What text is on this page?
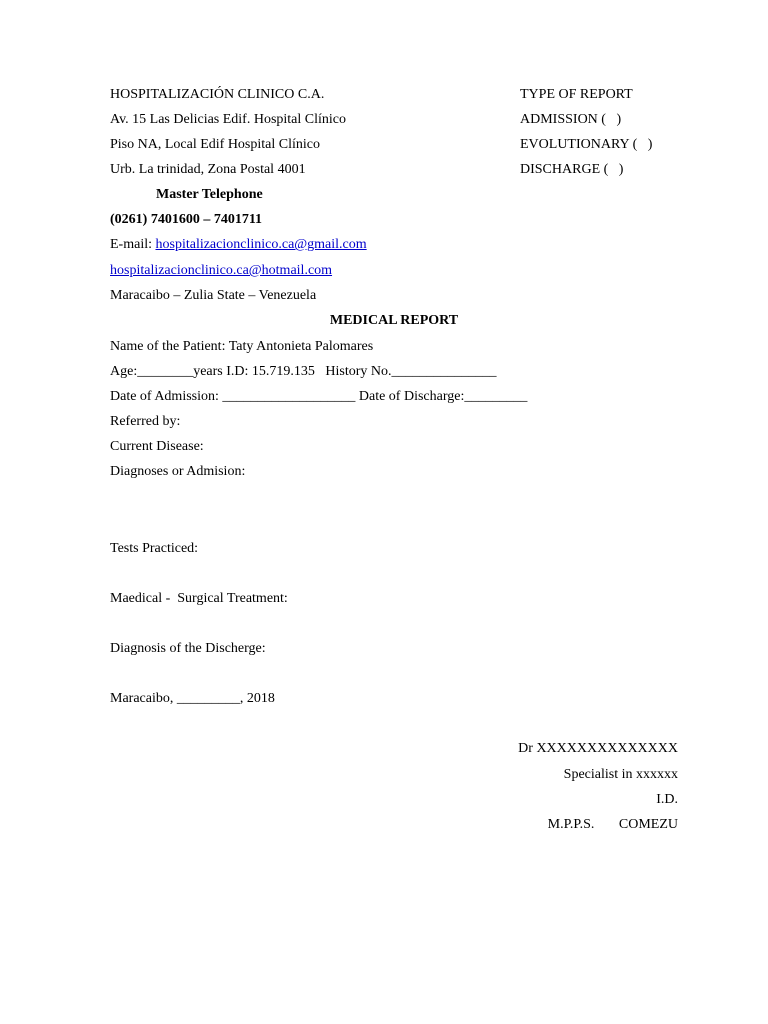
HOSPITALIZACIÓN CLINICO C.A.
Av. 15 Las Delicias Edif. Hospital Clínico
Piso NA, Local Edif Hospital Clínico
Urb. La trinidad, Zona Postal 4001
Master Telephone
(0261) 7401600 – 7401711
E-mail: hospitalizacionclinico.ca@gmail.com
hospitalizacionclinico.ca@hotmail.com
Maracaibo – Zulia State – Venezuela
TYPE OF REPORT
ADMISSION (   )
EVOLUTIONARY (   )
DISCHARGE (   )
MEDICAL REPORT
Name of the Patient: Taty Antonieta Palomares
Age:________years I.D: 15.719.135   History No._______________
Date of Admission: ___________________ Date of Discharge:_________
Referred by:
Current Disease:
Diagnoses or Admision:
Tests Practiced:
Maedical -  Surgical Treatment:
Diagnosis of the Discherge:
Maracaibo, _________, 2018
Dr XXXXXXXXXXXXXX
Specialist in xxxxxx
I.D.
M.P.P.S.       COMEZU
